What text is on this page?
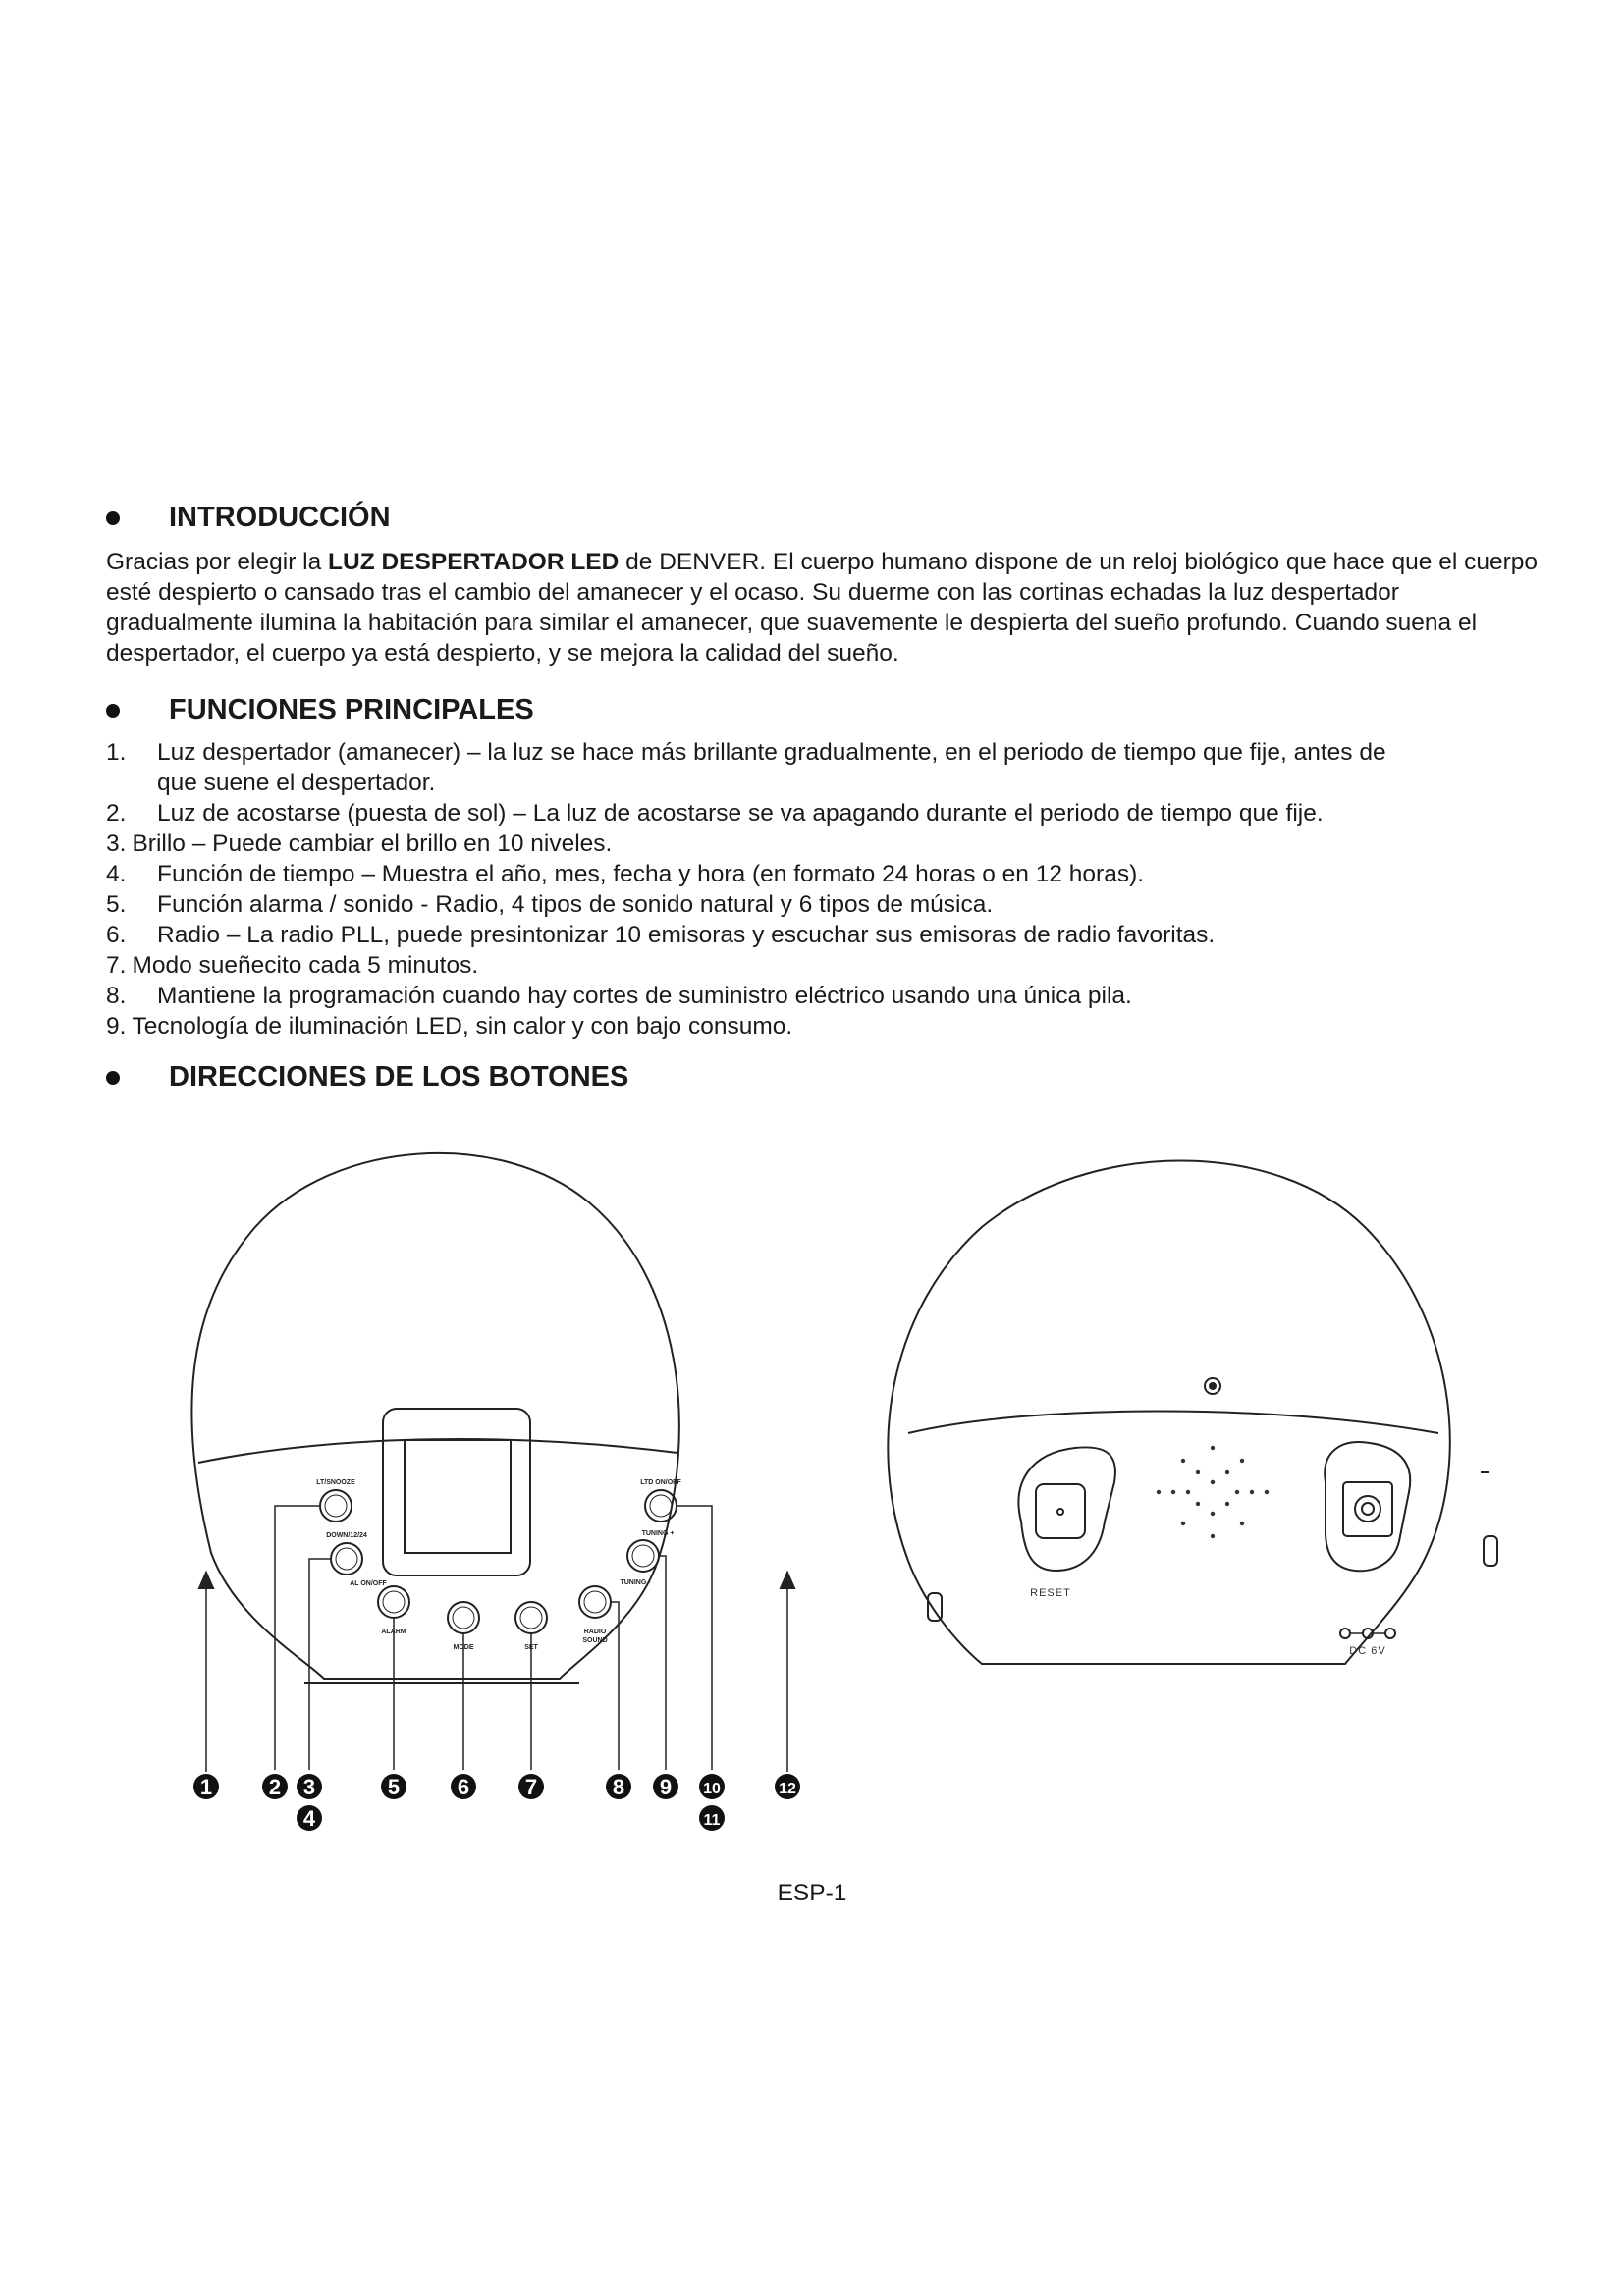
INTRODUCCIÓN
Gracias por elegir la LUZ DESPERTADOR LED de DENVER. El cuerpo humano dispone de un reloj biológico que hace que el cuerpo esté despierto o cansado tras el cambio del amanecer y el ocaso. Su duerme con las cortinas echadas la luz despertador gradualmente ilumina la habitación para similar el amanecer, que suavemente le despierta del sueño profundo. Cuando suena el despertador, el cuerpo ya está despierto, y se mejora la calidad del sueño.
FUNCIONES PRINCIPALES
1. Luz despertador (amanecer) – la luz se hace más brillante gradualmente, en el periodo de tiempo que fije, antes de
que suene el despertador.
2. Luz de acostarse (puesta de sol) – La luz de acostarse se va apagando durante el periodo de tiempo que fije.
3. Brillo – Puede cambiar el brillo en 10 niveles.
4. Función de tiempo – Muestra el año, mes, fecha y hora (en formato 24 horas o en 12 horas).
5. Función alarma / sonido - Radio, 4 tipos de sonido natural y 6 tipos de música.
6. Radio – La radio PLL, puede presintonizar 10 emisoras y escuchar sus emisoras de radio favoritas.
7. Modo sueñecito cada 5 minutos.
8. Mantiene la programación cuando hay cortes de suministro eléctrico usando una única pila.
9. Tecnología de iluminación LED, sin calor y con bajo consumo.
DIRECCIONES DE LOS BOTONES
LT/SNOOZE
DOWN/12/24
AL ON/OFF
ALARM
MODE	SET
RADIO
SOUND
LTD ON/OFF
TUNING +
TUNING -
RESET
DC 6V
1	2 3
4
5	6	7	8 9 10
11
12
ESP-1
